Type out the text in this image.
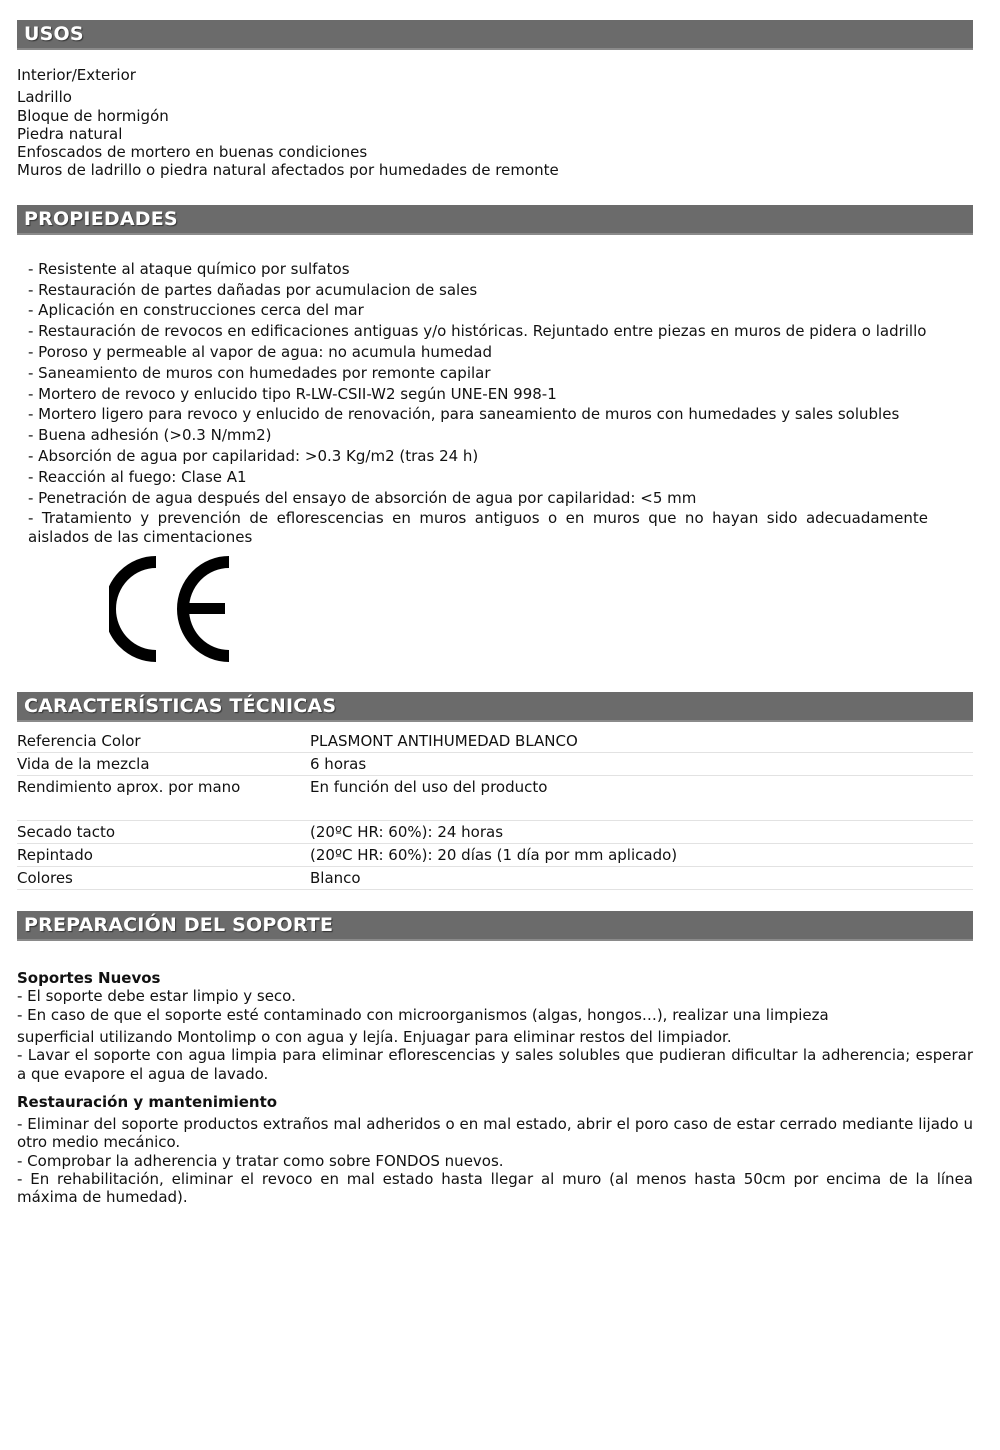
USOS
Interior/Exterior
Ladrillo
Bloque de hormigón
Piedra natural
Enfoscados de mortero en buenas condiciones
Muros de ladrillo o piedra natural afectados por humedades de remonte
PROPIEDADES
- Resistente al ataque químico por sulfatos
- Restauración de partes dañadas por acumulacion de sales
- Aplicación en construcciones cerca del mar
- Restauración de revocos en edificaciones antiguas y/o históricas. Rejuntado entre piezas en muros de pidera o ladrillo
- Poroso y permeable al vapor de agua: no acumula humedad
- Saneamiento de muros con humedades por remonte capilar
- Mortero de revoco y enlucido tipo R-LW-CSII-W2 según UNE-EN 998-1
- Mortero ligero para revoco y enlucido de renovación, para saneamiento de muros con humedades y sales solubles
- Buena adhesión (>0.3 N/mm2)
- Absorción de agua por capilaridad: >0.3 Kg/m2 (tras 24 h)
- Reacción al fuego: Clase A1
- Penetración de agua después del ensayo de absorción de agua por capilaridad: <5 mm
- Tratamiento y prevención de eflorescencias en muros antiguos o en muros que no hayan sido adecuadamente aislados de las cimentaciones
CARACTERÍSTICAS TÉCNICAS
Referencia Color	PLASMONT ANTIHUMEDAD BLANCO
Vida de la mezcla	6 horas
Rendimiento aprox. por mano	En función del uso del producto
Secado tacto	(20ºC HR: 60%): 24 horas
Repintado	(20ºC HR: 60%): 20 días (1 día por mm aplicado)
Colores	Blanco
PREPARACIÓN DEL SOPORTE
Soportes Nuevos
- El soporte debe estar limpio y seco.
- En caso de que el soporte esté contaminado con microorganismos (algas, hongos…), realizar una limpieza
superficial utilizando Montolimp o con agua y lejía. Enjuagar para eliminar restos del limpiador.
- Lavar el soporte con agua limpia para eliminar eflorescencias y sales solubles que pudieran dificultar la adherencia; esperar a que evapore el agua de lavado.
Restauración y mantenimiento
- Eliminar del soporte productos extraños mal adheridos o en mal estado, abrir el poro caso de estar cerrado mediante lijado u otro medio mecánico.
- Comprobar la adherencia y tratar como sobre FONDOS nuevos.
- En rehabilitación, eliminar el revoco en mal estado hasta llegar al muro (al menos hasta 50cm por encima de la línea máxima de humedad).
